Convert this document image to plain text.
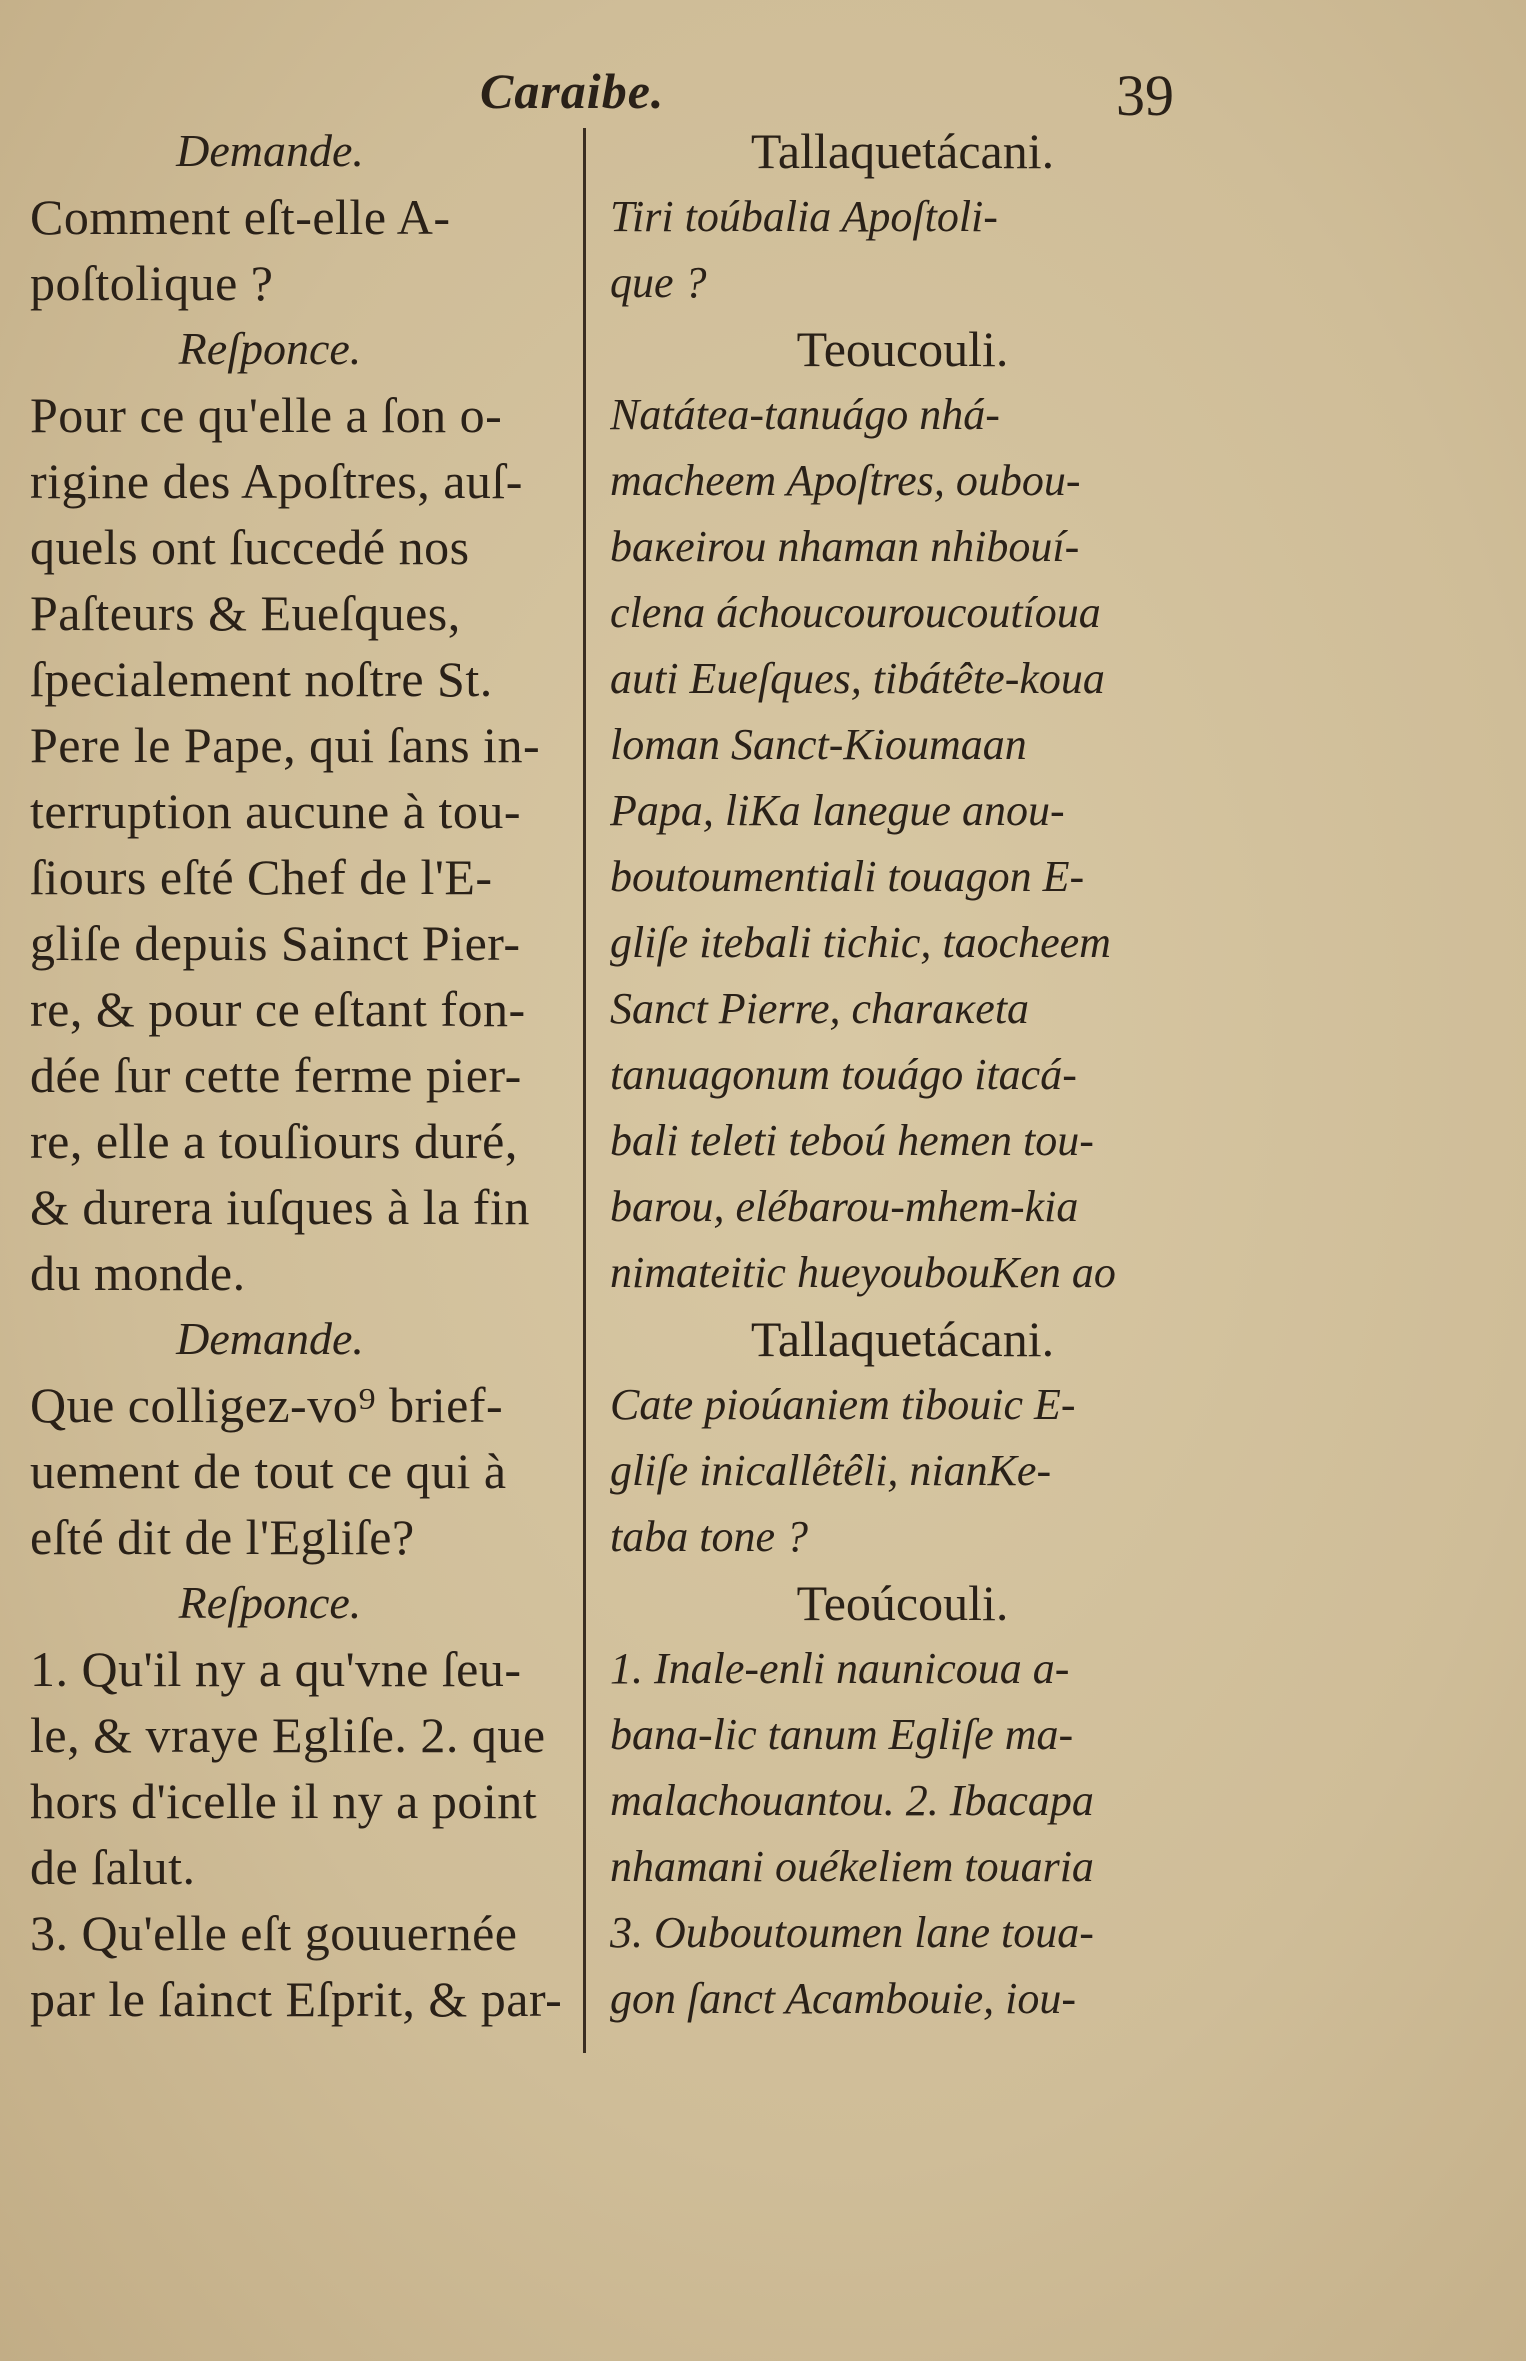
Caraibe.	39
Demande.
Comment eſt-elle A-
poſtolique ?
Reſponce.
Pour ce qu'elle a ſon o-
rigine des Apoſtres, auſ-
quels ont ſuccedé nos
Paſteurs & Eueſques,
ſpecialement noſtre St.
Pere le Pape, qui ſans in-
terruption aucune à tou-
ſiours eſté Chef de l'E-
gliſe depuis Sainct Pier-
re, & pour ce eſtant fon-
dée ſur cette ferme pier-
re, elle a touſiours duré,
& durera iuſques à la fin
du monde.
Demande.
Que colligez-vo⁹ brief-
uement de tout ce qui à
eſté dit de l'Egliſe?
Reſponce.
1. Qu'il ny a qu'vne ſeu-
le, & vraye Egliſe. 2. que
hors d'icelle il ny a point
de ſalut.
3. Qu'elle eſt gouuernée
par le ſainct Eſprit, & par-
Tallaquetácani.
Tiri toúbalia Apoſtoli-
que ?
Teoucouli.
Natátea-tanuágo nhá-
macheem Apoſtres, oubou-
baκeirou nhaman nhibouí-
clena áchoucouroucoutíoua
auti Eueſques, tibátête-koua
loman Sanct-Kioumaan
Papa, liKa lanegue anou-
boutoumentiali touagon E-
gliſe itebali tichic, taocheem
Sanct Pierre, charaκeta
tanuagonum touágo itacá-
bali teleti teboú hemen tou-
barou, elébarou-mhem-kia
nimateitic hueyoubouKen ao
Tallaquetácani.
Cate pioúaniem tibouic E-
gliſe inicallêtêli, nianKe-
taba tone ?
Teoúcouli.
1. Inale-enli naunicoua a-
bana-lic tanum Egliſe ma-
malachouantou. 2. Ibacapa
nhamani ouékeliem touaria
3. Ouboutoumen lane toua-
gon ſanct Acambouie, iou-
